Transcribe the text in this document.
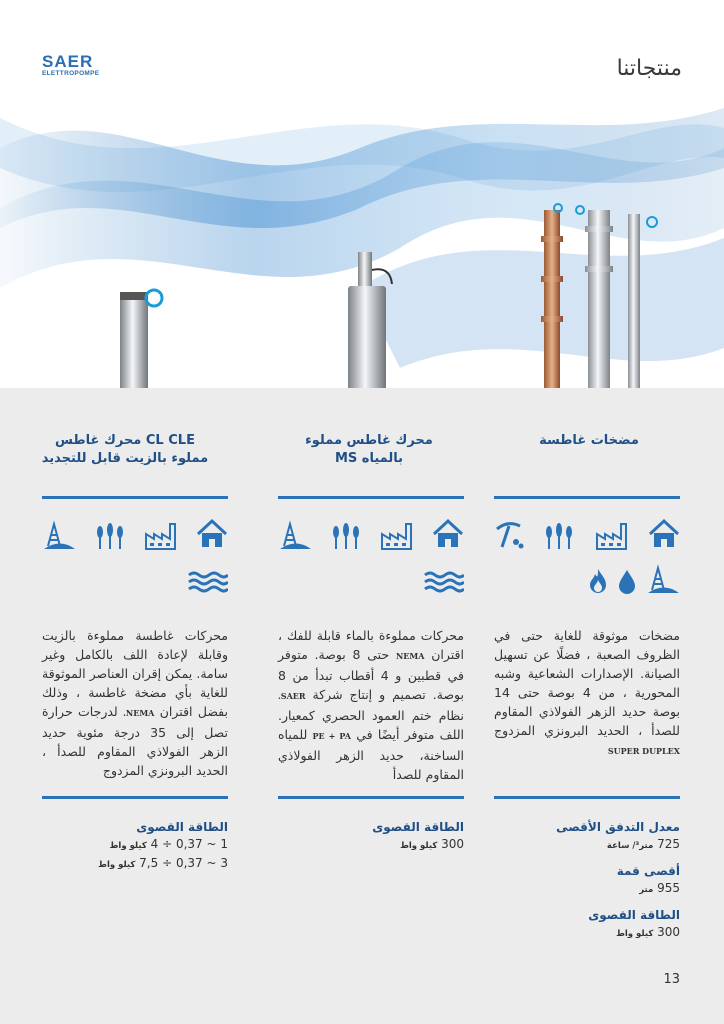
SAER
ELETTROPOMPE	منتجاتنا
مضخات غاطسة
مضخات موثوقة للغاية حتى في الظروف الصعبة ، فضلًا عن تسهيل الصيانة. الإصدارات الشعاعية وشبه المحورية ، من 4 بوصة حتى 14 بوصة حديد الزهر الفولاذي المقاوم للصدأ ، الحديد البرونزي المزدوج SUPER DUPLEX
معدل التدفق الأقصى
725 متر³/ ساعة
أقصى قمة
955 متر
الطاقة القصوى
300 كيلو واط
محرك غاطس مملوء
بالمياه MS
محركات مملوءة بالماء قابلة للفك ، اقتران NEMA حتى 8 بوصة. متوفر في قطبين و 4 أقطاب تبدأ من 8 بوصة. تصميم و إنتاج شركة SAER. نظام ختم العمود الحصري كمعيار. اللف متوفر أيضًا في PE + PA للمياه الساخنة، حديد الزهر الفولاذي المقاوم للصدأ
الطاقة القصوى
300 كيلو واط
CL CLE محرك غاطس
مملوء بالزيت قابل للتجديد
محركات غاطسة مملوءة بالزيت وقابلة لإعادة اللف بالكامل وغير سامة. يمكن إقران العناصر الموثوقة للغاية بأي مضخة غاطسة ، وذلك بفضل اقتران NEMA. لدرجات حرارة تصل إلى 35 درجة مئوية حديد الزهر الفولاذي المقاوم للصدأ ، الحديد البرونزي المزدوج
الطاقة القصوى
1 ~ 0,37 ÷ 4 كيلو واط
3 ~ 0,37 ÷ 7,5 كيلو واط
13
